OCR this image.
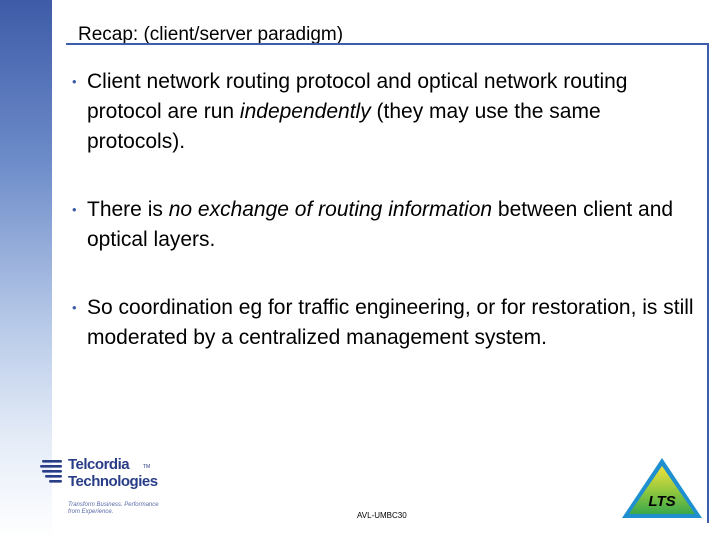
Recap: (client/server paradigm)
• Client network routing protocol and optical network routing protocol are run independently (they may use the same protocols).
• There is no exchange of routing information between client and optical layers.
• So coordination eg for traffic engineering, or for restoration, is still moderated by a centralized management system.
Telcordia	TM
Technologies
Transform Business. Performance from Experience.	AVL-UMBC30
LTS
